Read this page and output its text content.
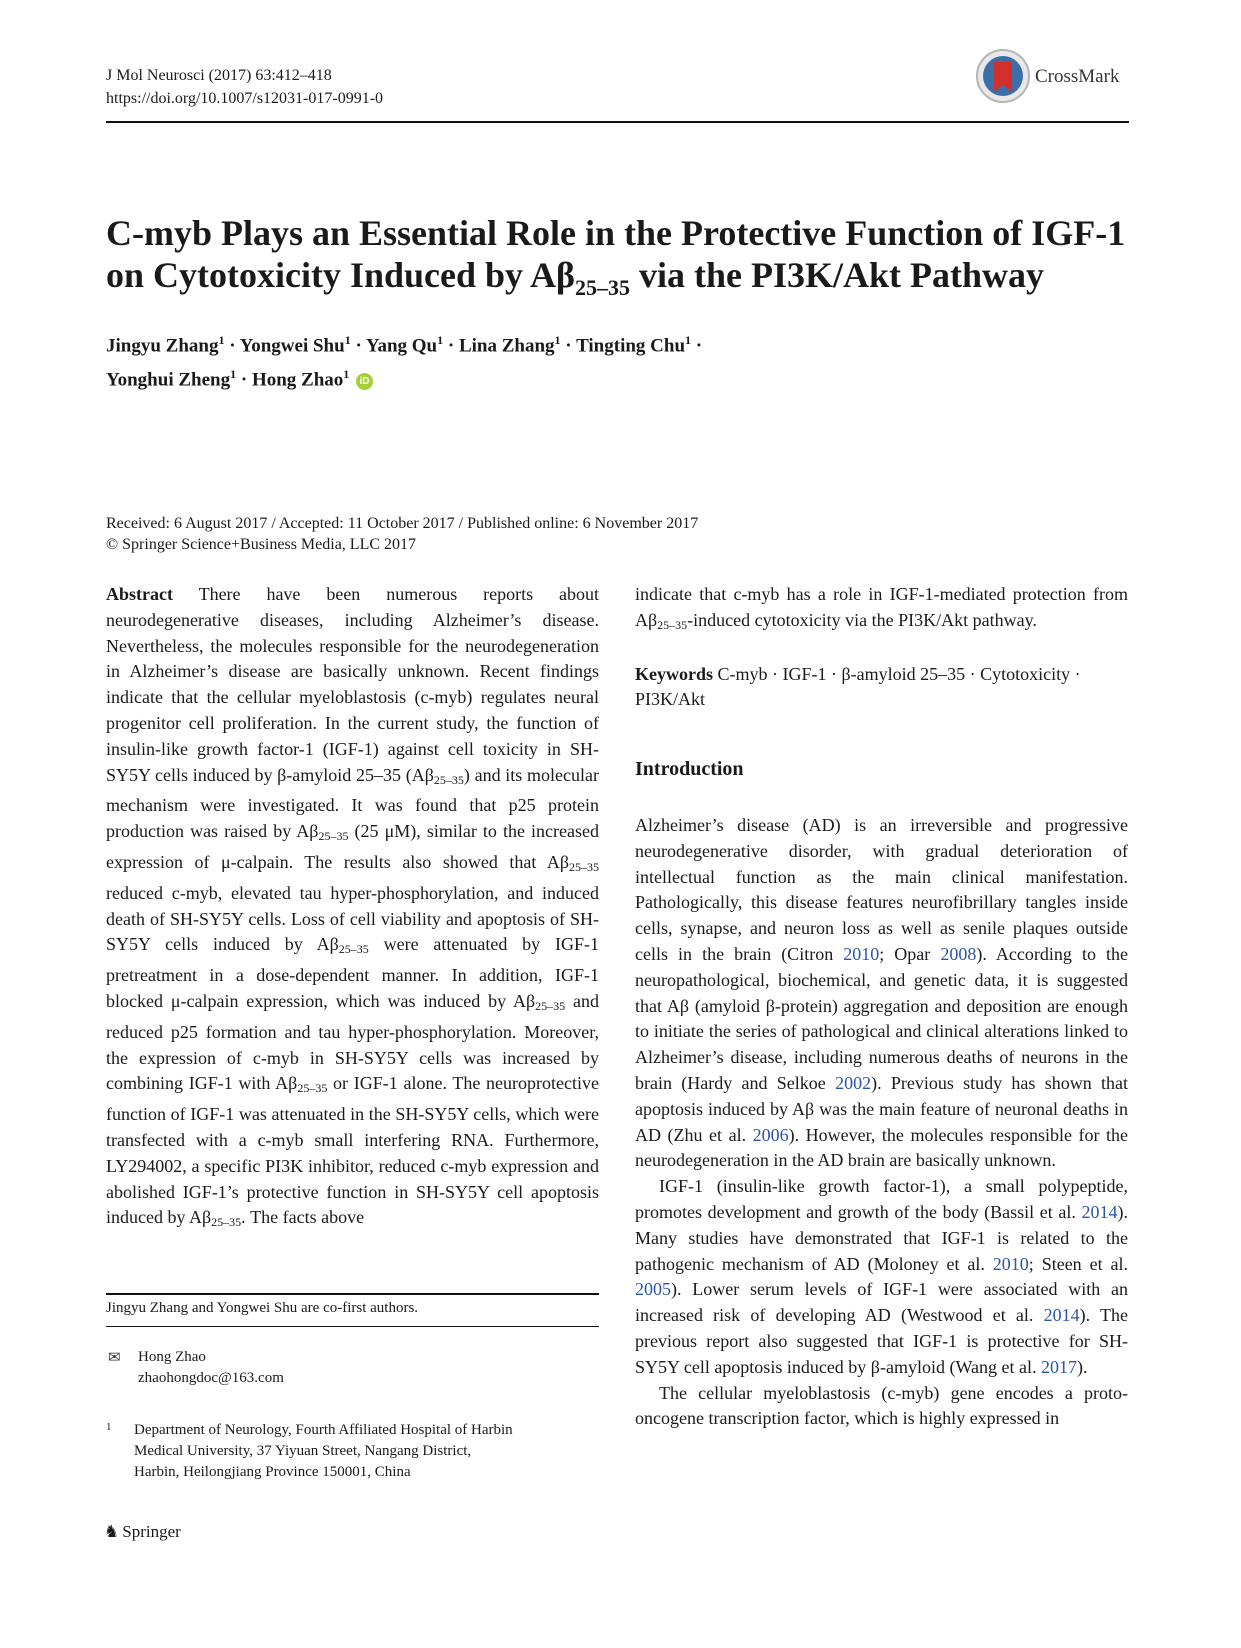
J Mol Neurosci (2017) 63:412–418
https://doi.org/10.1007/s12031-017-0991-0
CrossMark
C-myb Plays an Essential Role in the Protective Function of IGF-1
on Cytotoxicity Induced by $A\beta_{25-35}$ via the PI3K/Akt Pathway
Jingyu Zhang$^1$ · Yongwei Shu$^1$ · Yang $Qu^1$ · Lina Zhang$^1$ · Tingting Chu$^1$ ·
Yonghui Zheng$^1$ · Hong Zhao$^1$ iD
Received: 6 August 2017 / Accepted: 11 October 2017 / Published online: 6 November 2017
© Springer Science+Business Media, LLC 2017

Abstract There have been numerous reports about neurodegenerative diseases, including Alzheimer’s disease. Nevertheless, the molecules responsible for the neurodegeneration in Alzheimer’s disease are basically unknown. Recent findings indicate that the cellular myeloblastosis (c-myb) regulates neural progenitor cell proliferation. In the current study, the function of insulin-like growth factor-1 (IGF-1) against cell toxicity in SH-SY5Y cells induced by β-amyloid 25–35 $(A\beta_{25-35})$ and its molecular mechanism were investigated. It was found that p25 protein production was raised by $A\beta_{25-35}$ (25 μM), similar to the increased expression of μ-calpain. The results also showed that $A\beta_{25-35}$ reduced c-myb, elevated tau hyper-phosphorylation, and induced death of SH-SY5Y cells. Loss of cell viability and apoptosis of SH-SY5Y cells induced by $A\beta_{25-35}$ were attenuated by IGF-1 pretreatment in a dose-dependent manner. In addition, IGF-1 blocked μ-calpain expression, which was induced by $A\beta_{25-35}$ and reduced p25 formation and tau hyper-phosphorylation. Moreover, the expression of c-myb in SH-SY5Y cells was increased by combining IGF-1 with $A\beta_{25-35}$ or IGF-1 alone. The neuroprotective function of IGF-1 was attenuated in the SH-SY5Y cells, which were transfected with a c-myb small interfering RNA. Furthermore, LY294002, a specific PI3K inhibitor, reduced c-myb expression and abolished IGF-1’s protective function in SH-SY5Y cell apoptosis induced by $A\beta_{25-35}$. The facts above

indicate that c-myb has a role in IGF-1-mediated protection from $A\beta_{25-35}$-induced cytotoxicity via the PI3K/Akt pathway.

Keywords C-myb · IGF-1 · β-amyloid 25–35 · Cytotoxicity · PI3K/Akt

Introduction

Alzheimer’s disease (AD) is an irreversible and progressive neurodegenerative disorder, with gradual deterioration of intellectual function as the main clinical manifestation. Pathologically, this disease features neurofibrillary tangles inside cells, synapse, and neuron loss as well as senile plaques outside cells in the brain (Citron 2010; Opar 2008). According to the neuropathological, biochemical, and genetic data, it is suggested that Aβ (amyloid β-protein) aggregation and deposition are enough to initiate the series of pathological and clinical alterations linked to Alzheimer’s disease, including numerous deaths of neurons in the brain (Hardy and Selkoe 2002). Previous study has shown that apoptosis induced by Aβ was the main feature of neuronal deaths in AD (Zhu et al. 2006). However, the molecules responsible for the neurodegeneration in the AD brain are basically unknown.

IGF-1 (insulin-like growth factor-1), a small polypeptide, promotes development and growth of the body (Bassil et al. 2014). Many studies have demonstrated that IGF-1 is related to the pathogenic mechanism of AD (Moloney et al. 2010; Steen et al. 2005). Lower serum levels of IGF-1 were associated with an increased risk of developing AD (Westwood et al. 2014). The previous report also suggested that IGF-1 is protective for SH-SY5Y cell apoptosis induced by β-amyloid (Wang et al. 2017).

The cellular myeloblastosis (c-myb) gene encodes a proto-oncogene transcription factor, which is highly expressed in

Jingyu Zhang and Yongwei Shu are co-first authors.
✉ Hong Zhao
zhaohongdoc@163.com
1 Department of Neurology, Fourth Affiliated Hospital of Harbin
Medical University, 37 Yiyuan Street, Nangang District,
Harbin, Heilongjiang Province 150001, China
♞ Springer
